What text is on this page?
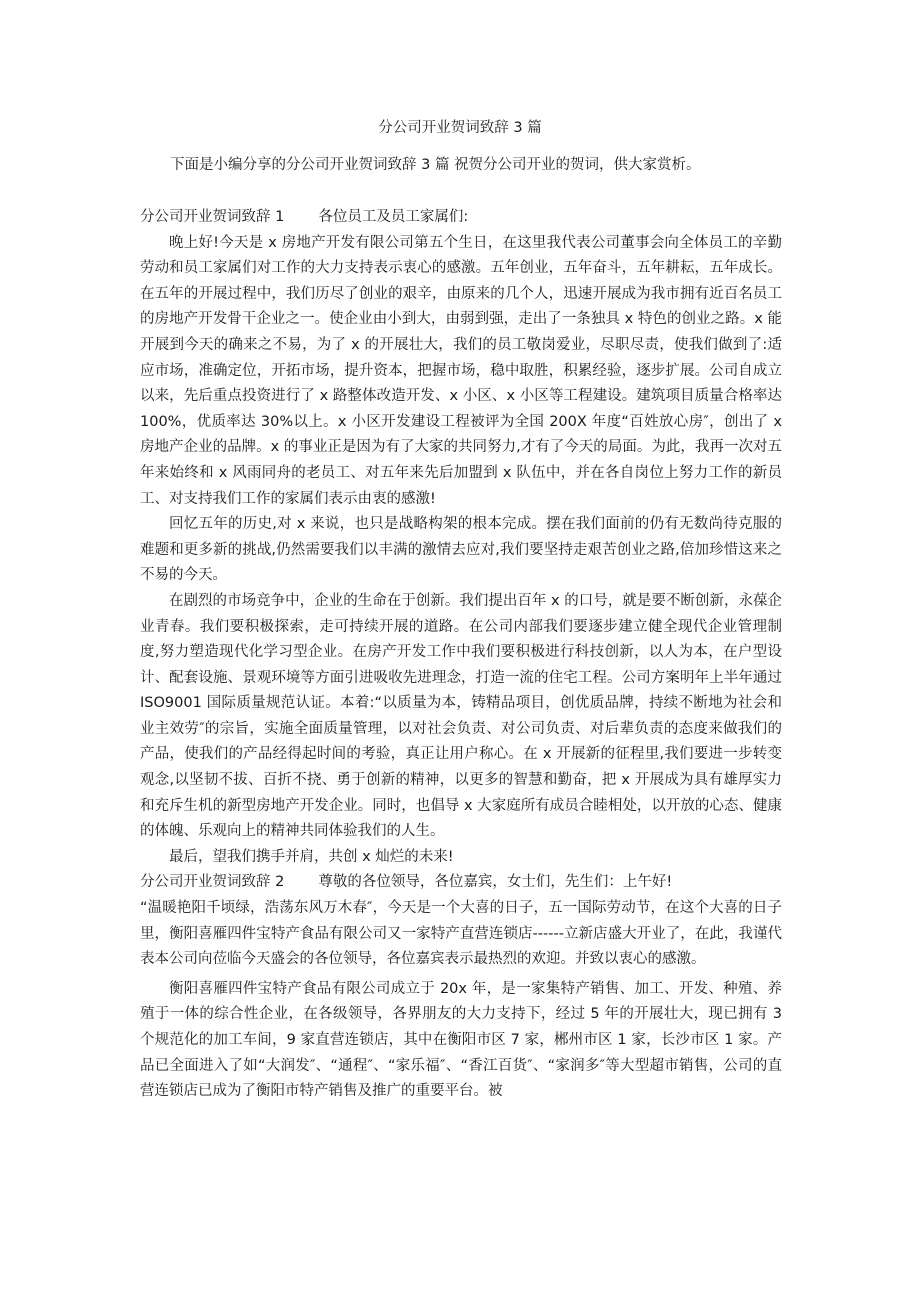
分公司开业贺词致辞 3 篇
下面是小编分享的分公司开业贺词致辞 3 篇 祝贺分公司开业的贺词，供大家赏析。

分公司开业贺词致辞 1 各位员工及员工家属们:

晚上好!今天是 x 房地产开发有限公司第五个生日，在这里我代表公司董事会向全体员工的辛勤劳动和员工家属们对工作的大力支持表示衷心的感激。五年创业，五年奋斗，五年耕耘，五年成长。在五年的开展过程中，我们历尽了创业的艰辛，由原来的几个人，迅速开展成为我市拥有近百名员工的房地产开发骨干企业之一。使企业由小到大，由弱到强，走出了一条独具 x 特色的创业之路。x 能开展到今天的确来之不易，为了 x 的开展壮大，我们的员工敬岗爱业，尽职尽责，使我们做到了:适应市场，准确定位，开拓市场，提升资本，把握市场，稳中取胜，积累经验，逐步扩展。公司自成立以来，先后重点投资进行了 x 路整体改造开发、x 小区、x 小区等工程建设。建筑项目质量合格率达 100%，优质率达 30%以上。x 小区开发建设工程被评为全国 200X 年度“百姓放心房″，创出了 x 房地产企业的品牌。x 的事业正是因为有了大家的共同努力,才有了今天的局面。为此，我再一次对五年来始终和 x 风雨同舟的老员工、对五年来先后加盟到 x 队伍中，并在各自岗位上努力工作的新员工、对支持我们工作的家属们表示由衷的感激!

回忆五年的历史,对 x 来说，也只是战略构架的根本完成。摆在我们面前的仍有无数尚待克服的难题和更多新的挑战,仍然需要我们以丰满的激情去应对,我们要坚持走艰苦创业之路,倍加珍惜这来之不易的今天。

在剧烈的市场竞争中，企业的生命在于创新。我们提出百年 x 的口号，就是要不断创新，永葆企业青春。我们要积极探索，走可持续开展的道路。在公司内部我们要逐步建立健全现代企业管理制度,努力塑造现代化学习型企业。在房产开发工作中我们要积极进行科技创新，以人为本，在户型设计、配套设施、景观环境等方面引进吸收先进理念，打造一流的住宅工程。公司方案明年上半年通过 ISO9001 国际质量规范认证。本着:“以质量为本，铸精品项目，创优质品牌，持续不断地为社会和业主效劳″的宗旨，实施全面质量管理，以对社会负责、对公司负责、对后辈负责的态度来做我们的产品，使我们的产品经得起时间的考验，真正让用户称心。在 x 开展新的征程里,我们要进一步转变观念,以坚韧不拔、百折不挠、勇于创新的精神，以更多的智慧和勤奋，把 x 开展成为具有雄厚实力和充斥生机的新型房地产开发企业。同时，也倡导 x 大家庭所有成员合睦相处，以开放的心态、健康的体魄、乐观向上的精神共同体验我们的人生。

最后，望我们携手并肩，共创 x 灿烂的未来!

分公司开业贺词致辞 2 尊敬的各位领导，各位嘉宾，女士们，先生们：上午好!

“温暖艳阳千顷绿，浩荡东风万木春″，今天是一个大喜的日子，五一国际劳动节，在这个大喜的日子里，衡阳喜雁四件宝特产食品有限公司又一家特产直营连锁店------立新店盛大开业了，在此，我谨代表本公司向莅临今天盛会的各位领导，各位嘉宾表示最热烈的欢迎。并致以衷心的感激。

衡阳喜雁四件宝特产食品有限公司成立于 20x 年，是一家集特产销售、加工、开发、种殖、养殖于一体的综合性企业，在各级领导，各界朋友的大力支持下，经过 5 年的开展壮大，现已拥有 3 个规范化的加工车间，9 家直营连锁店，其中在衡阳市区 7 家，郴州市区 1 家，长沙市区 1 家。产品已全面进入了如“大润发″、“通程″、“家乐福″、“香江百货″、“家润多″等大型超市销售，公司的直营连锁店已成为了衡阳市特产销售及推广的重要平台。被
